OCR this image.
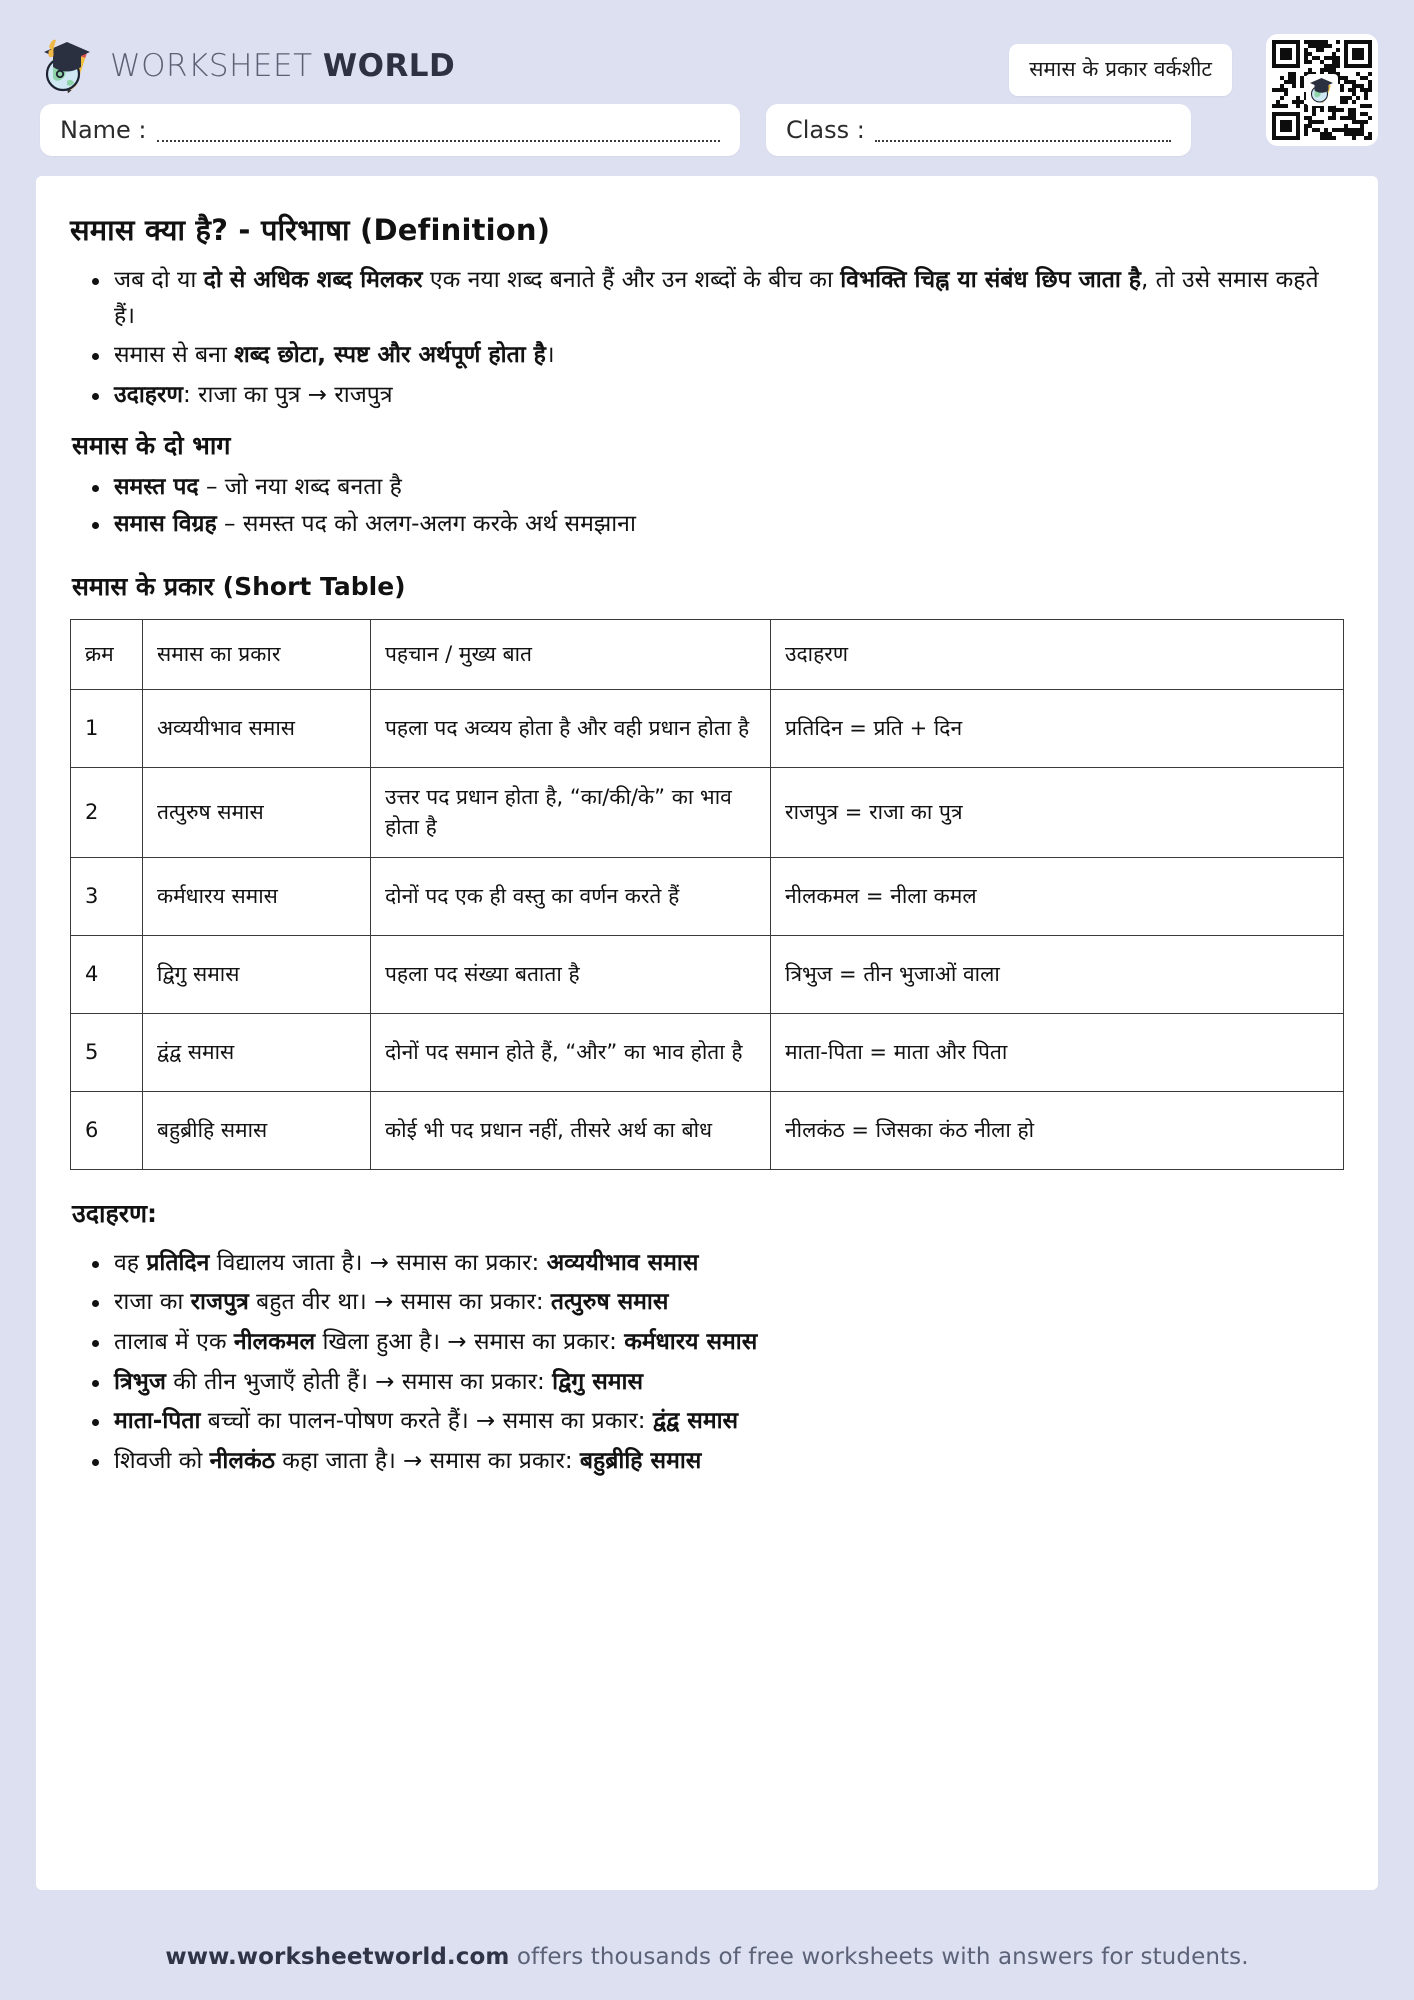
WORKSHEET WORLD	समास के प्रकार वर्कशीट
Name :	Class :
समास क्या है? - परिभाषा (Definition)
जब दो या दो से अधिक शब्द मिलकर एक नया शब्द बनाते हैं और उन शब्दों के बीच का विभक्ति चिह्न या संबंध छिप जाता है, तो उसे समास कहते हैं।
समास से बना शब्द छोटा, स्पष्ट और अर्थपूर्ण होता है।
उदाहरण: राजा का पुत्र → राजपुत्र
समास के दो भाग
समस्त पद – जो नया शब्द बनता है
समास विग्रह – समस्त पद को अलग-अलग करके अर्थ समझाना
समास के प्रकार (Short Table)
क्रम	समास का प्रकार	पहचान / मुख्य बात	उदाहरण
1	अव्ययीभाव समास	पहला पद अव्यय होता है और वही प्रधान होता है	प्रतिदिन = प्रति + दिन
2	तत्पुरुष समास	उत्तर पद प्रधान होता है, “का/की/के” का भाव होता है	राजपुत्र = राजा का पुत्र
3	कर्मधारय समास	दोनों पद एक ही वस्तु का वर्णन करते हैं	नीलकमल = नीला कमल
4	द्विगु समास	पहला पद संख्या बताता है	त्रिभुज = तीन भुजाओं वाला
5	द्वंद्व समास	दोनों पद समान होते हैं, “और” का भाव होता है	माता-पिता = माता और पिता
6	बहुब्रीहि समास	कोई भी पद प्रधान नहीं, तीसरे अर्थ का बोध	नीलकंठ = जिसका कंठ नीला हो
उदाहरण:
वह प्रतिदिन विद्यालय जाता है। → समास का प्रकार: अव्ययीभाव समास
राजा का राजपुत्र बहुत वीर था। → समास का प्रकार: तत्पुरुष समास
तालाब में एक नीलकमल खिला हुआ है। → समास का प्रकार: कर्मधारय समास
त्रिभुज की तीन भुजाएँ होती हैं। → समास का प्रकार: द्विगु समास
माता-पिता बच्चों का पालन-पोषण करते हैं। → समास का प्रकार: द्वंद्व समास
शिवजी को नीलकंठ कहा जाता है। → समास का प्रकार: बहुब्रीहि समास
www.worksheetworld.com offers thousands of free worksheets with answers for students.
